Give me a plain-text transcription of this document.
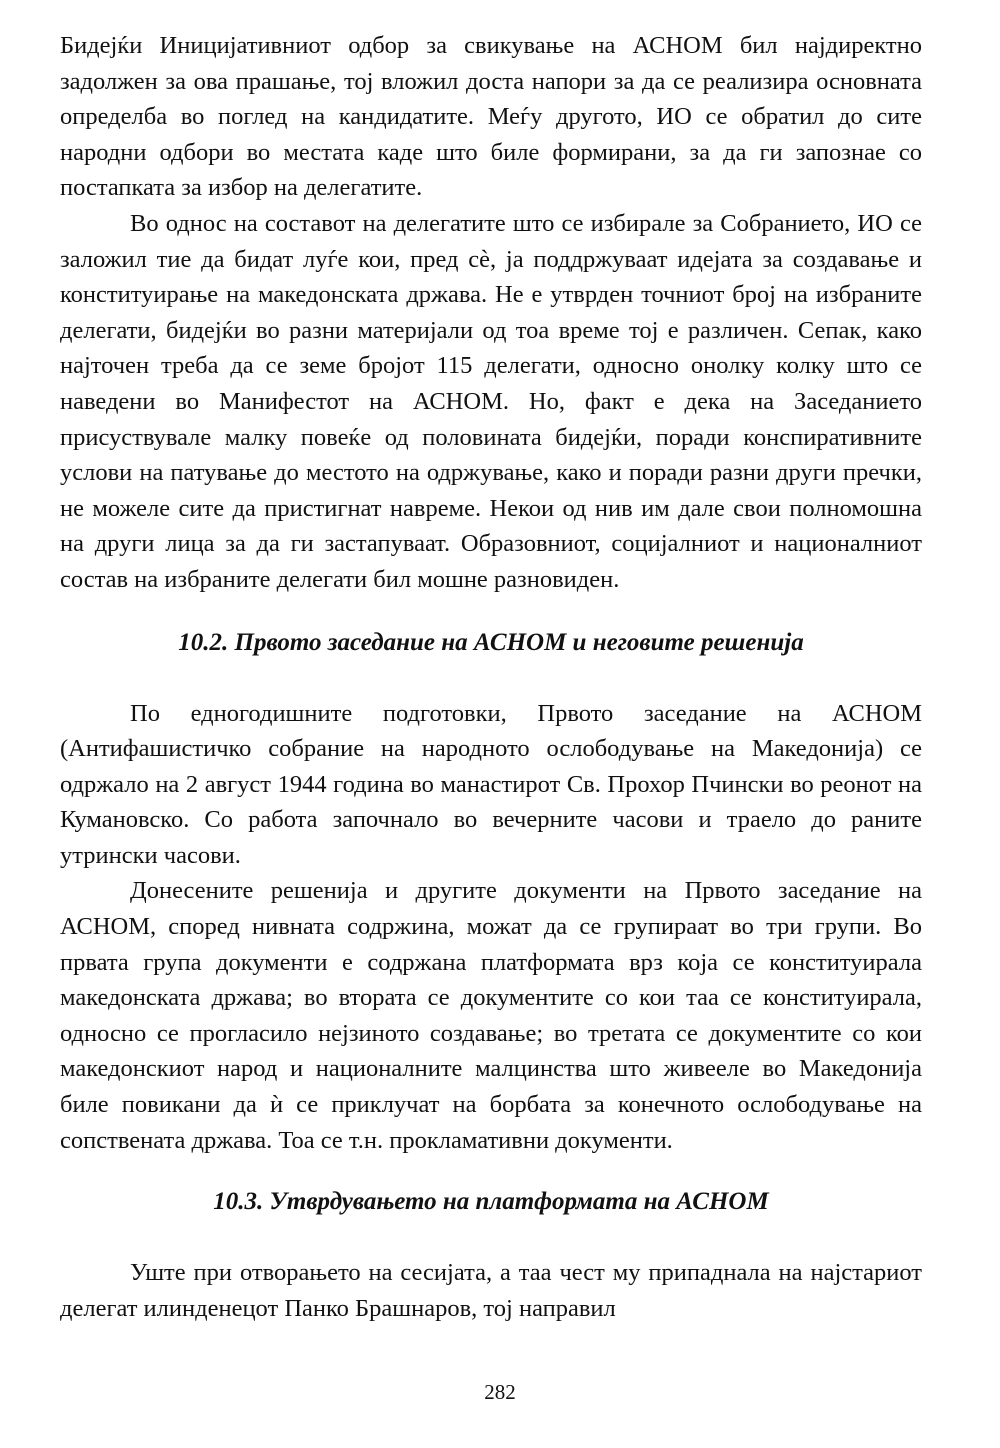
Бидејќи Иницијативниот одбор за свикување на АСНОМ бил најдиректно задолжен за ова прашање, тој вложил доста напори за да се реализира основната определба во поглед на кандидатите. Меѓу другото, ИО се обратил до сите народни одбори во местата каде што биле формирани, за да ги запознае со постапката за избор на делегатите.

Во однос на составот на делегатите што се избирале за Собранието, ИО се заложил тие да бидат луѓе кои, пред сè, ја поддржуваат идејата за создавање и конституирање на македонската држава. Не е утврден точниот број на избраните делегати, бидејќи во разни материјали од тоа време тој е различен. Сепак, како најточен треба да се земе бројот 115 делегати, односно онолку колку што се наведени во Манифестот на АСНОМ. Но, факт е дека на Заседанието присуствувале малку повеќе од половината бидејќи, поради конспиративните услови на патување до местото на одржување, како и поради разни други пречки, не можеле сите да пристигнат навреме. Некои од нив им дале свои полномошна на други лица за да ги застапуваат. Образовниот, социјалниот и националниот состав на избраните делегати бил мошне разновиден.

10.2. Првото заседание на АСНОМ и неговите решенија

По едногодишните подготовки, Првото заседание на АСНОМ (Антифашистичко собрание на народното ослободување на Македонија) се одржало на 2 август 1944 година во манастирот Св. Прохор Пчински во реонот на Кумановско. Со работа започнало во вечерните часови и траело до раните утрински часови.

Донесените решенија и другите документи на Првото заседание на АСНОМ, според нивната содржина, можат да се групираат во три групи. Во првата група документи е содржана платформата врз која се конституирала македонската држава; во втората се документите со кои таа се конституирала, односно се прогласило нејзиното создавање; во третата се документите со кои македонскиот народ и националните малцинства што живееле во Македонија биле повикани да ѝ се приклучат на борбата за конечното ослободување на сопствената држава. Тоа се т.н. прокламативни документи.

10.3. Утврдувањето на платформата на АСНОМ

Уште при отворањето на сесијата, а таа чест му припаднала на најстариот делегат илинденецот Панко Брашнаров, тој направил

282
